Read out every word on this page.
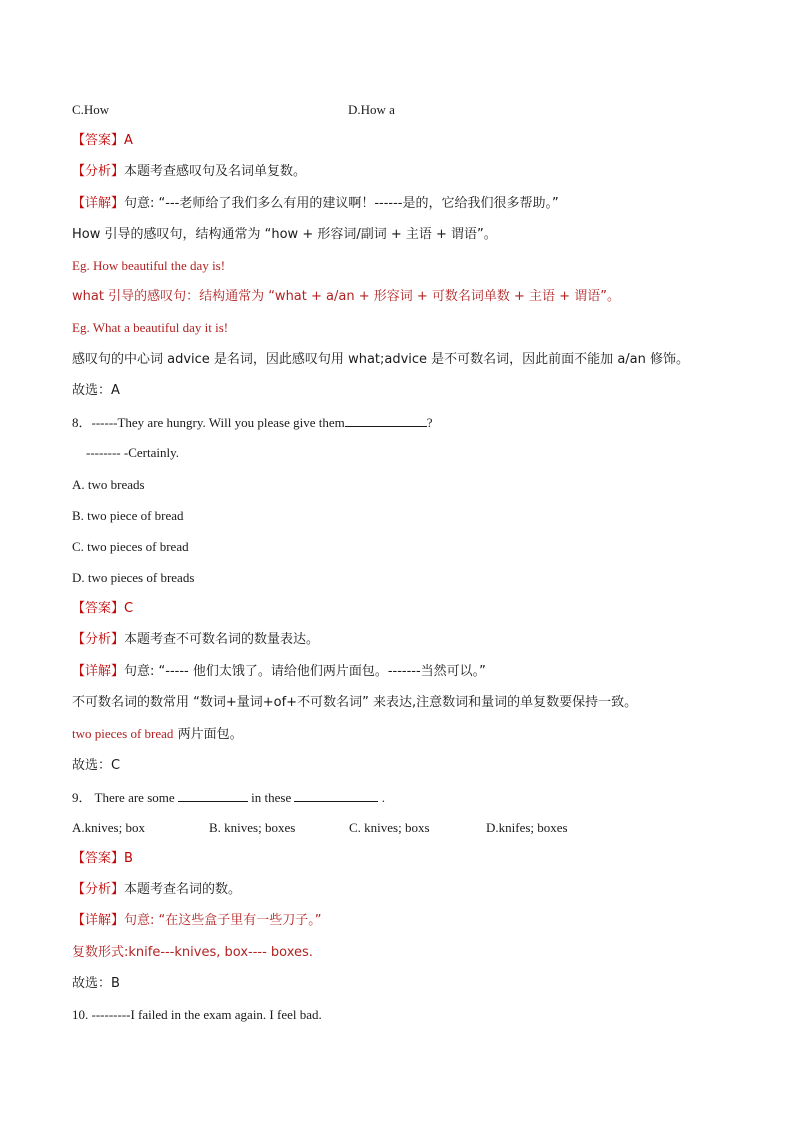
C.How	D.How a
【答案】A
【分析】本题考查感叹句及名词单复数。
【详解】句意: “---老师给了我们多么有用的建议啊！------是的，它给我们很多帮助。”
How 引导的感叹句，结构通常为 “how + 形容词/副词 + 主语 + 谓语”。
Eg. How beautiful the day is!
what 引导的感叹句：结构通常为 “what + a/an + 形容词 + 可数名词单数 + 主语 + 谓语”。
Eg. What a beautiful day it is!
感叹句的中心词 advice 是名词，因此感叹句用 what;advice 是不可数名词，因此前面不能加 a/an 修饰。
故选：A
8．------They are hungry. Will you please give them	?
-------- -Certainly.
A. two breads
B. two piece of bread
C. two pieces of bread
D. two pieces of breads
【答案】C
【分析】本题考查不可数名词的数量表达。
【详解】句意: “----- 他们太饿了。请给他们两片面包。-------当然可以。”
不可数名词的数常用 “数词+量词+of+不可数名词” 来表达,注意数词和量词的单复数要保持一致。
two pieces of bread 两片面包。
故选：C
9． There are some	in these	.
A.knives; box	B. knives; boxes	C. knives; boxs	D.knifes; boxes
【答案】B
【分析】本题考查名词的数。
【详解】句意: “在这些盒子里有一些刀子。”
复数形式:knife---knives, box---- boxes.
故选：B
10. ---------I failed in the exam again. I feel bad.
